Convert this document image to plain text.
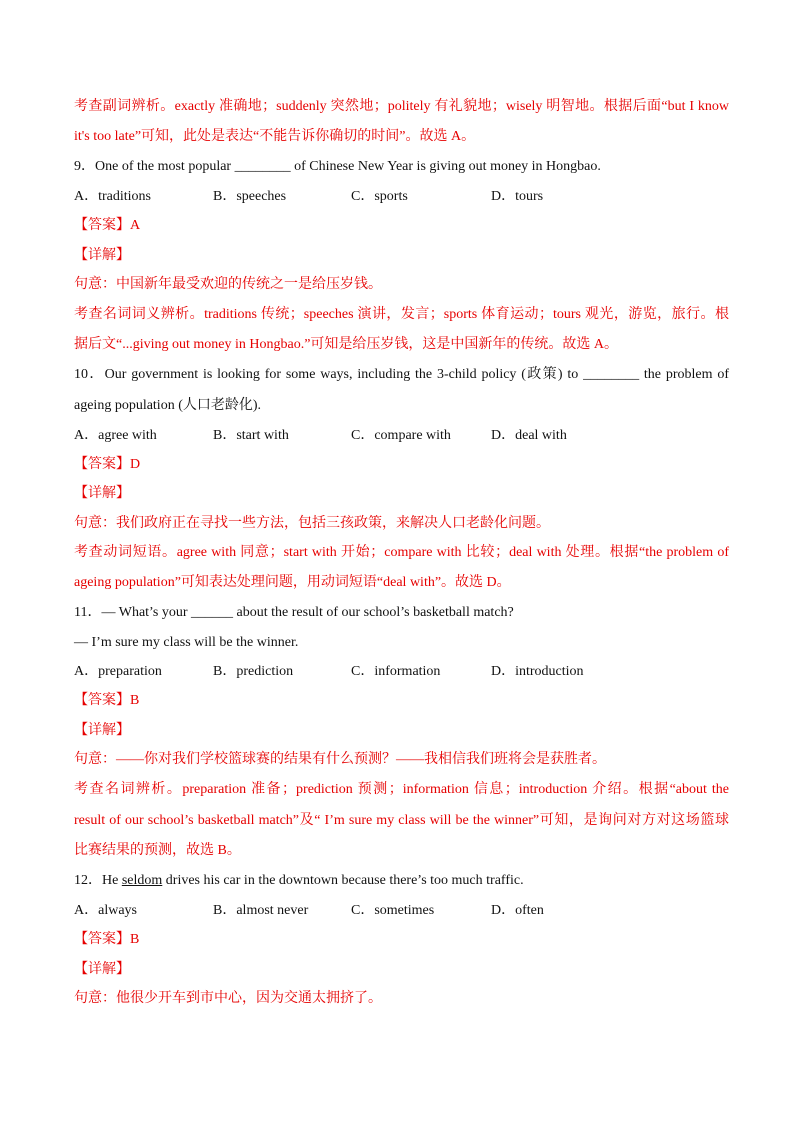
考查副词辨析。exactly 准确地；suddenly 突然地；politely 有礼貌地；wisely 明智地。根据后面“but I know
it's too late”可知，此处是表达“不能告诉你确切的时间”。故选 A。
9．One of the most popular ________ of Chinese New Year is giving out money in Hongbao.
A．traditions	B．speeches	C．sports	D．tours
【答案】A
【详解】
句意：中国新年最受欢迎的传统之一是给压岁钱。
考查名词词义辨析。traditions 传统；speeches 演讲，发言；sports 体育运动；tours 观光，游览，旅行。根
据后文“...giving out money in Hongbao.”可知是给压岁钱，这是中国新年的传统。故选 A。
10．Our government is looking for some ways, including the 3-child policy (政策) to ________ the problem of
ageing population (人口老龄化).
A．agree with	B．start with	C．compare with	D．deal with
【答案】D
【详解】
句意：我们政府正在寻找一些方法，包括三孩政策，来解决人口老龄化问题。
考查动词短语。agree with 同意；start with 开始；compare with 比较；deal with 处理。根据“the problem of
ageing population”可知表达处理问题，用动词短语“deal with”。故选 D。
11．— What’s your ______ about the result of our school’s basketball match?
— I’m sure my class will be the winner.
A．preparation	B．prediction	C．information	D．introduction
【答案】B
【详解】
句意：——你对我们学校篮球赛的结果有什么预测？——我相信我们班将会是获胜者。
考查名词辨析。preparation 准备；prediction 预测；information 信息；introduction 介绍。根据“about the
result of our school’s basketball match”及“ I’m sure my class will be the winner”可知，是询问对方对这场篮球
比赛结果的预测，故选 B。
12．He seldom drives his car in the downtown because there’s too much traffic.
A．always	B．almost never	C．sometimes	D．often
【答案】B
【详解】
句意：他很少开车到市中心，因为交通太拥挤了。
